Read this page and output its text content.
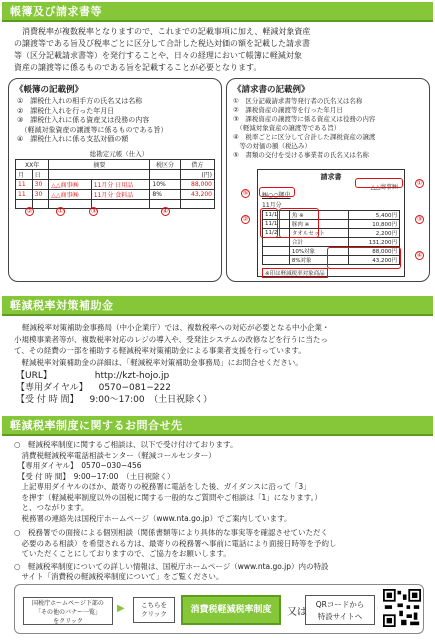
帳簿及び請求書等
消費税率が複数税率となりますので、これまでの記載事項に加え、軽減対象資産
の譲渡等である旨及び税率ごとに区分して合計した税込対価の額を記載した請求書
等（区分記載請求書等）を発行することや、日々の経理において帳簿に軽減対象
資産の譲渡等に係るものである旨を記載することが必要となります。
《帳簿の記載例》
①　課税仕入れの相手方の氏名又は名称
②　課税仕入れを行った年月日
③　課税仕入れに係る資産又は役務の内容
　（軽減対象資産の譲渡等に係るものである旨）
④　課税仕入れに係る支払対価の額
総勘定元帳（仕入）
XX年		摘要		税区分	借方
月	日				(円)
11	30	△△商事㈱	11月分 日用品	10%	88,000
11	30	△△商事㈱	11月分 食料品	8%	43,200

②	①	③	④
《請求書の記載例》
①　区分記載請求書等発行者の氏名又は名称
②　課税資産の譲渡等を行った年月日
③　課税資産の譲渡等に係る資産又は役務の内容
　（軽減対象資産の譲渡等である旨）
④　税率ごとに区分して合計した課税資産の譲渡
　等の対価の額（税込み）
⑤　書類の交付を受ける事業者の氏名又は名称
請求書
△△商事㈱
㈱○○御中
11月分
11/1	魚 ※	5,400円
11/1	豚肉 ※	10,800円
11/2	タオルセット	2,200円
	合計	131,200円
	10%対象	88,000円
	8%対象	43,200円
※印は軽減税率対象商品
⑤
①
②	③
④
軽減税率対策補助金
軽減税率対策補助金事務局（中小企業庁）では、複数税率への対応が必要となる中小企業・
小規模事業者等が、複数税率対応のレジの導入や、受発注システムの改修などを行うに当たっ
て、その経費の一部を補助する軽減税率対策補助金による事業者支援を行っています。
　軽減税率対策補助金の詳細は、「軽減税率対策補助金事務局」にお問合せください。
【URL】	http://kzt-hojo.jp
【専用ダイヤル】 0570−081−222
【受 付 時 間】 9:00〜17:00　（土日祝除く）
軽減税率制度に関するお問合せ先
○　軽減税率制度に関するご相談は、以下で受け付けております。
　消費税軽減税率電話相談センター（軽減コールセンター）
　【専用ダイヤル】　0570−030−456
　【受 付 時 間】　9:00−17:00　（土日祝除く）
　上記専用ダイヤルのほか、最寄りの税務署に電話をした後、ガイダンスに沿って「3」
　を押す（軽減税率制度以外の国税に関する一般的なご質問やご相談は「1」になります。）
　と、つながります。
　税務署の連絡先は国税庁ホームページ（www.nta.go.jp）でご案内しています。
○　税務署での面接による個別相談（関係書類等により具体的な事実等を確認させていただく
　必要のある相談）を希望される方は、最寄りの税務署へ事前に電話により面接日時等を予約し
　ていただくことにしておりますので、ご協力をお願いします。
○　軽減税率制度についての詳しい情報は、国税庁ホームページ（www.nta.go.jp）内の特設
　サイト「消費税の軽減税率制度について」をご覧ください。
国税庁ホームページ下部の
「その他のバナー一覧」
をクリック
▶	こちらを
クリック	消費税軽減税率制度	又は
QRコードから
特設サイトへ
